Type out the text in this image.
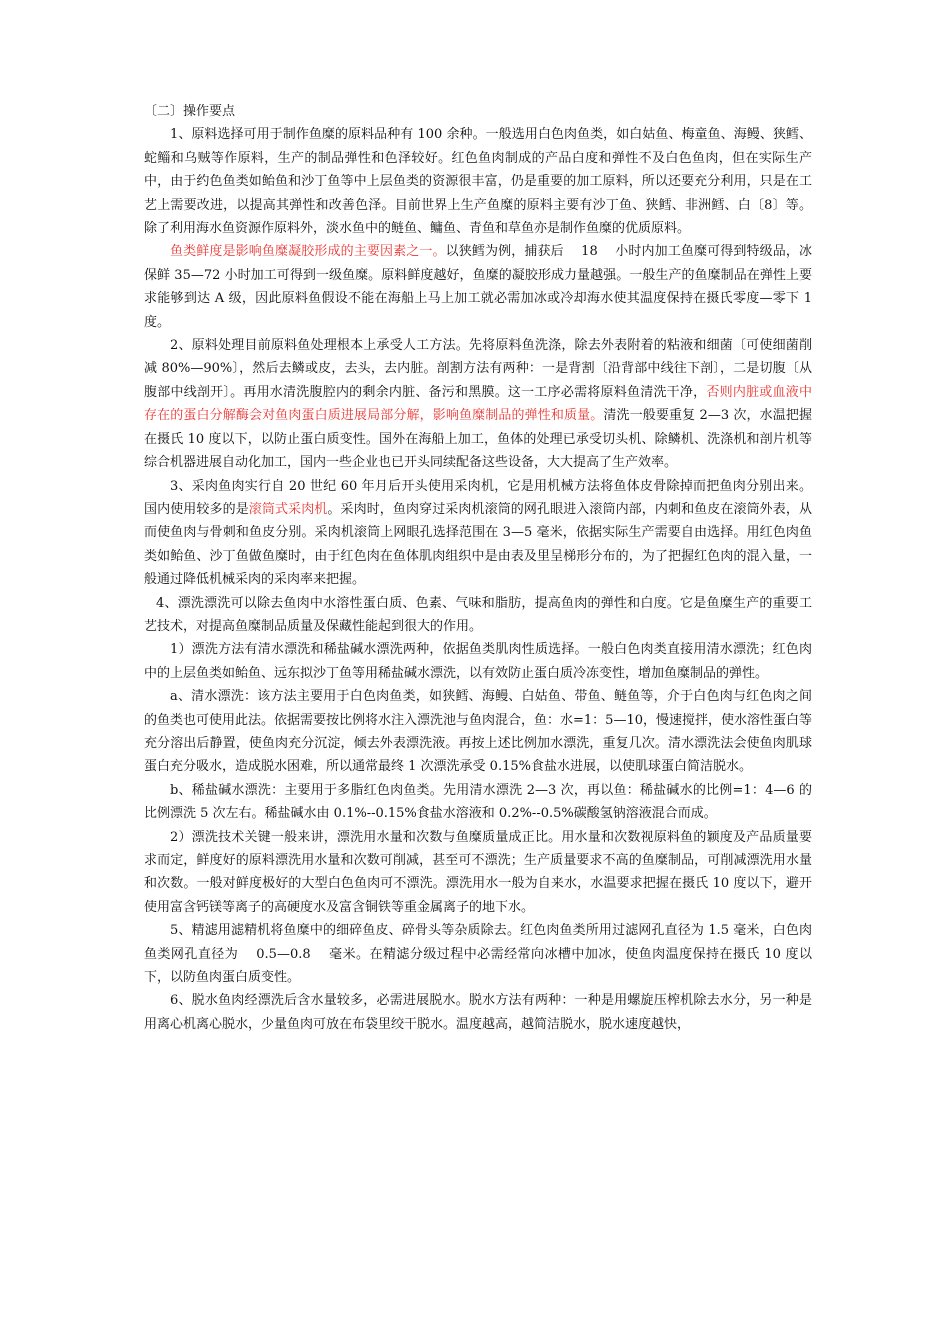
〔二〕操作要点

1、原料选择可用于制作鱼糜的原料品种有 100 余种。一般选用白色肉鱼类，如白姑鱼、梅童鱼、海鳗、狭鳕、蛇鲻和乌贼等作原料，生产的制品弹性和色泽较好。红色鱼肉制成的产品白度和弹性不及白色鱼肉，但在实际生产中，由于约色鱼类如鲐鱼和沙丁鱼等中上层鱼类的资源很丰富，仍是重要的加工原料，所以还要充分利用，只是在工艺上需要改进，以提高其弹性和改善色泽。目前世界上生产鱼糜的原料主要有沙丁鱼、狭鳕、非洲鳕、白〔8〕等。除了利用海水鱼资源作原料外，淡水鱼中的鲢鱼、鳙鱼、青鱼和草鱼亦是制作鱼糜的优质原料。

鱼类鲜度是影响鱼糜凝胶形成的主要因素之一。以狭鳕为例，捕获后　 18　 小时内加工鱼糜可得到特级品，冰保鲜 35—72 小时加工可得到一级鱼糜。原料鲜度越好，鱼糜的凝胶形成力量越强。一般生产的鱼糜制品在弹性上要求能够到达 A 级，因此原料鱼假设不能在海船上马上加工就必需加冰或冷却海水使其温度保持在摄氏零度—零下 1 度。

2、原料处理目前原料鱼处理根本上承受人工方法。先将原料鱼洗涤，除去外表附着的粘液和细菌〔可使细菌削减 80%—90%〕，然后去鳞或皮，去头，去内脏。剖割方法有两种：一是背割〔沿背部中线往下剖〕，二是切腹〔从腹部中线剖开〕。再用水清洗腹腔内的剩余内脏、备污和黑膜。这一工序必需将原料鱼清洗干净，否则内脏或血液中存在的蛋白分解酶会对鱼肉蛋白质进展局部分解，影响鱼糜制品的弹性和质量。清洗一般要重复 2—3 次，水温把握在摄氏 10 度以下，以防止蛋白质变性。国外在海船上加工，鱼体的处理已承受切头机、除鳞机、洗涤机和剖片机等综合机器进展自动化加工，国内一些企业也已开头同续配备这些设备，大大提高了生产效率。

3、采肉鱼肉实行自 20 世纪 60 年月后开头使用采肉机，它是用机械方法将鱼体皮骨除掉而把鱼肉分别出来。国内使用较多的是滚筒式采肉机。采肉时，鱼肉穿过采肉机滚筒的网孔眼进入滚筒内部，内刺和鱼皮在滚筒外表，从而使鱼肉与骨刺和鱼皮分别。采肉机滚筒上网眼孔选择范围在 3—5 毫米，依据实际生产需要自由选择。用红色肉鱼类如鲐鱼、沙丁鱼做鱼糜时，由于红色肉在鱼体肌肉组织中是由表及里呈梯形分布的，为了把握红色肉的混入量，一般通过降低机械采肉的采肉率来把握。

4、漂洗漂洗可以除去鱼肉中水溶性蛋白质、色素、气味和脂肪，提高鱼肉的弹性和白度。它是鱼糜生产的重要工艺技术，对提高鱼糜制品质量及保藏性能起到很大的作用。

1）漂洗方法有清水漂洗和稀盐碱水漂洗两种，依据鱼类肌肉性质选择。一般白色肉类直接用清水漂洗；红色肉中的上层鱼类如鲐鱼、远东拟沙丁鱼等用稀盐碱水漂洗，以有效防止蛋白质冷冻变性，增加鱼糜制品的弹性。

a、清水漂洗：该方法主要用于白色肉鱼类，如狭鳕、海鳗、白姑鱼、带鱼、鲢鱼等，介于白色肉与红色肉之间的鱼类也可使用此法。依据需要按比例将水注入漂洗池与鱼肉混合，鱼：水=1：5—10，慢速搅拌，使水溶性蛋白等充分溶出后静置，使鱼肉充分沉淀，倾去外表漂洗液。再按上述比例加水漂洗，重复几次。清水漂洗法会使鱼肉肌球蛋白充分吸水，造成脱水困难，所以通常最终 1 次漂洗承受 0.15%食盐水进展，以使肌球蛋白简洁脱水。

b、稀盐碱水漂洗：主要用于多脂红色肉鱼类。先用清水漂洗 2—3 次，再以鱼：稀盐碱水的比例=1：4—6 的比例漂洗 5 次左右。稀盐碱水由 0.1%--0.15%食盐水溶液和 0.2%--0.5%碳酸氢钠溶液混合而成。

2）漂洗技术关键一般来讲，漂洗用水量和次数与鱼糜质量成正比。用水量和次数视原料鱼的颖度及产品质量要求而定，鲜度好的原料漂洗用水量和次数可削减，甚至可不漂洗；生产质量要求不高的鱼糜制品，可削减漂洗用水量和次数。一般对鲜度极好的大型白色鱼肉可不漂洗。漂洗用水一般为自来水，水温要求把握在摄氏 10 度以下，避开使用富含钙镁等离子的高硬度水及富含铜铁等重金属离子的地下水。

5、精滤用滤精机将鱼糜中的细碎鱼皮、碎骨头等杂质除去。红色肉鱼类所用过滤网孔直径为 1.5 毫米，白色肉鱼类网孔直径为　 0.5—0.8　 毫米。在精滤分级过程中必需经常向冰槽中加冰，使鱼肉温度保持在摄氏 10 度以下，以防鱼肉蛋白质变性。

6、脱水鱼肉经漂洗后含水量较多，必需进展脱水。脱水方法有两种：一种是用螺旋压榨机除去水分，另一种是用离心机离心脱水，少量鱼肉可放在布袋里绞干脱水。温度越高，越简洁脱水，脱水速度越快，
